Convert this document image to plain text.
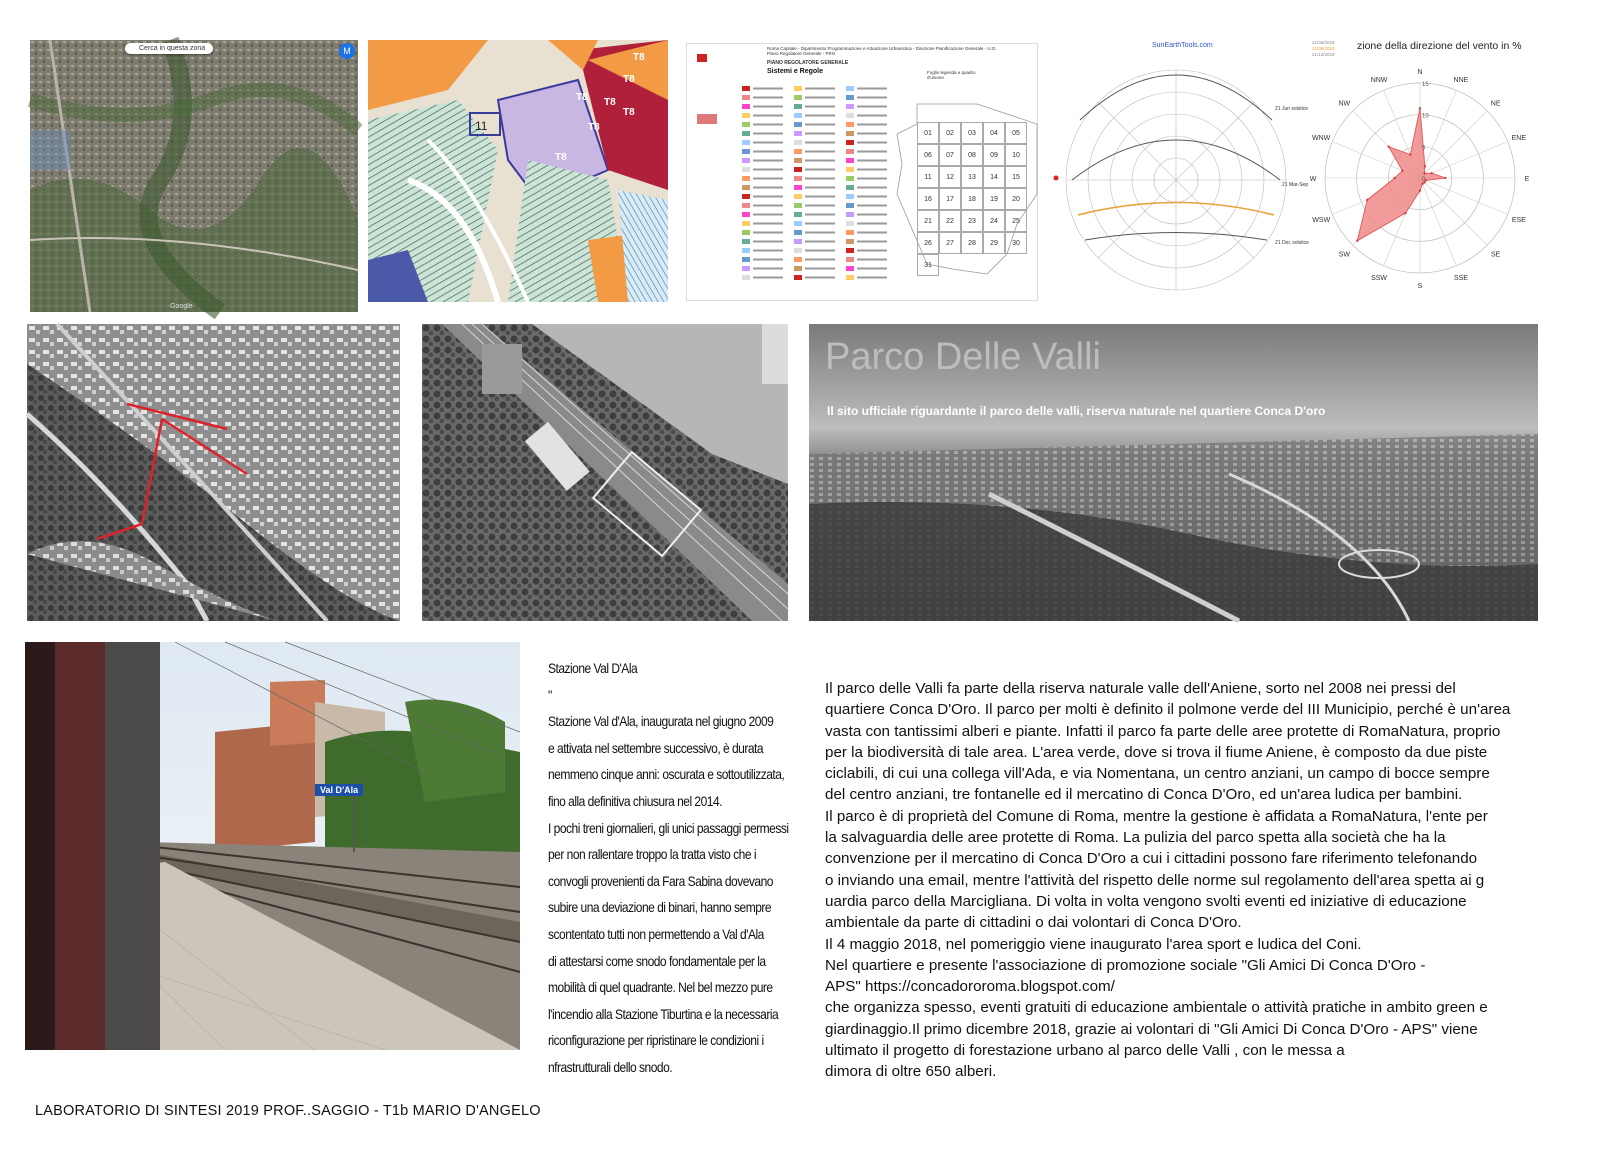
Cerca in questa zona	M
Google
11
T8
T8
T8 T8
T8
T8
T8
Roma Capitale - Dipartimento Programmazione e Attuazione Urbanistica - Direzione Pianificazione Generale - U.O. Piano Regolatore Generale - PRG
PIANO REGOLATORE GENERALE
Sistemi e Regole	Foglio legenda e quadro d'unione
01	02	03	04	05
06	07	08	09	10
11	12	13	14	15
16	17	18	19	20
21	22	23	24	25
26	27	28	29	30
31
SunEarthTools.com
21 Jun solstice
21 Mar-Sep
21 Dec solstice
zione della direzione del vento in %
21/06/2019
21/09/2019
21/12/2019
N
NNE
NE
ENE
E
ESE
SE
SSE
S
SSW
SW
WSW
W
WNW
NW
NNW
0
5
10
15
Parco Delle Valli
Il sito ufficiale riguardante il parco delle valli, riserva naturale nel quartiere Conca D'oro
Val D'Ala

Stazione Val D'Ala

"

Stazione Val d'Ala, inaugurata nel giugno 2009
e attivata nel settembre successivo, è durata
nemmeno cinque anni: oscurata e sottoutilizzata,
fino alla definitiva chiusura nel 2014.
I pochi treni giornalieri, gli unici passaggi permessi
per non rallentare troppo la tratta visto che i
convogli provenienti da Fara Sabina dovevano
subire una deviazione di binari, hanno sempre
scontentato tutti non permettendo a Val d'Ala
di attestarsi come snodo fondamentale per la
mobilità di quel quadrante. Nel bel mezzo pure
l'incendio alla Stazione Tiburtina e la necessaria
riconfigurazione per ripristinare le condizioni i
nfrastrutturali dello snodo.

Il parco delle Valli fa parte della riserva naturale valle dell'Aniene, sorto nel 2008 nei pressi del
quartiere Conca D'Oro. Il parco per molti è definito il polmone verde del III Municipio, perché è un'area
vasta con tantissimi alberi e piante. Infatti il parco fa parte delle aree protette di RomaNatura, proprio
per la biodiversità di tale area. L'area verde, dove si trova il fiume Aniene, è composto da due piste
ciclabili, di cui una collega vill'Ada, e via Nomentana, un centro anziani, un campo di bocce sempre
del centro anziani, tre fontanelle ed il mercatino di Conca D'Oro, ed un'area ludica per bambini.
Il parco è di proprietà del Comune di Roma, mentre la gestione è affidata a RomaNatura, l'ente per
la salvaguardia delle aree protette di Roma. La pulizia del parco spetta alla società che ha la
convenzione per il mercatino di Conca D'Oro a cui i cittadini possono fare riferimento telefonando
o inviando una email, mentre l'attività del rispetto delle norme sul regolamento dell'area spetta ai g
uardia parco della Marcigliana. Di volta in volta vengono svolti eventi ed iniziative di educazione
ambientale da parte di cittadini o dai volontari di Conca D'Oro.
Il 4 maggio 2018, nel pomeriggio viene inaugurato l'area sport e ludica del Coni.
Nel quartiere e presente l'associazione di promozione sociale "Gli Amici Di Conca D'Oro -
APS" https://concadororoma.blogspot.com/
che organizza spesso, eventi gratuiti di educazione ambientale o attività pratiche in ambito green e
giardinaggio.Il primo dicembre 2018, grazie ai volontari di "Gli Amici Di Conca D'Oro - APS" viene
ultimato il progetto di forestazione urbano al parco delle Valli , con le messa a
dimora di oltre 650 alberi.

LABORATORIO DI SINTESI 2019 PROF..SAGGIO - T1b MARIO D'ANGELO
